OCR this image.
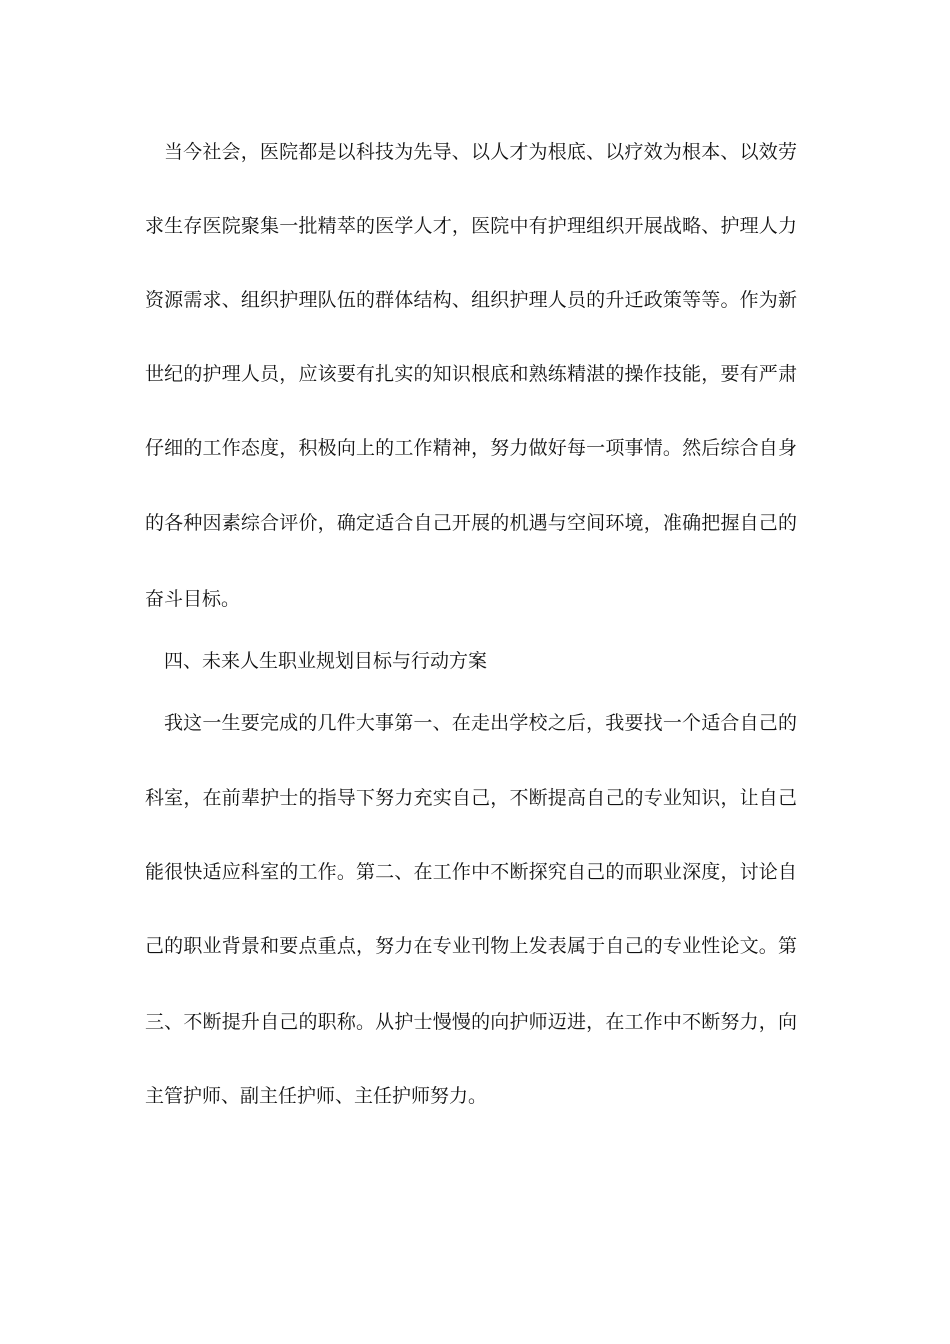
当今社会，医院都是以科技为先导、以人才为根底、以疗效为根本、以效劳
求生存医院聚集一批精萃的医学人才，医院中有护理组织开展战略、护理人力
资源需求、组织护理队伍的群体结构、组织护理人员的升迁政策等等。作为新
世纪的护理人员，应该要有扎实的知识根底和熟练精湛的操作技能，要有严肃
仔细的工作态度，积极向上的工作精神，努力做好每一项事情。然后综合自身
的各种因素综合评价，确定适合自己开展的机遇与空间环境，准确把握自己的
奋斗目标。
四、未来人生职业规划目标与行动方案
我这一生要完成的几件大事第一、在走出学校之后，我要找一个适合自己的
科室，在前辈护士的指导下努力充实自己，不断提高自己的专业知识，让自己
能很快适应科室的工作。第二、在工作中不断探究自己的而职业深度，讨论自
己的职业背景和要点重点，努力在专业刊物上发表属于自己的专业性论文。第
三、不断提升自己的职称。从护士慢慢的向护师迈进，在工作中不断努力，向
主管护师、副主任护师、主任护师努力。
